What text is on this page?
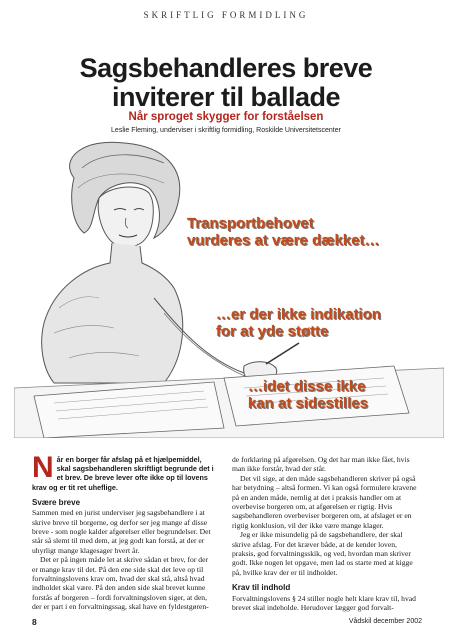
SKRIFTLIG FORMIDLING
Sagsbehandleres breve
inviterer til ballade
Når sproget skygger for forståelsen
Leslie Fleming, underviser i skriftlig formidling, Roskilde Universitetscenter
Transportbehovet
vurderes at være dækket…
…er der ikke indikation
for at yde støtte
…idet disse ikke
kan at sidestilles

Når en borger får afslag på et hjælpemiddel, skal sagsbehandleren skriftligt begrunde det i et brev. De breve lever ofte ikke op til lovens krav og er tit ret uheflige.

Svære breve

Sammen med en jurist underviser jeg sagsbehandlere i at skrive breve til borgerne, og derfor ser jeg mange af disse breve - som nogle kalder afgørelser eller begrundelser. Det står så slemt til med dem, at jeg godt kan forstå, at der er uhyrligt mange klagesager hvert år.

Det er på ingen måde let at skrive sådan et brev, for der er mange krav til det. På den ene side skal det leve op til forvaltningslovens krav om, hvad der skal stå, altså hvad indholdet skal være. På den anden side skal brevet kunne forstås af borgeren – fordi forvaltningsloven siger, at den, der er part i en forvaltningssag, skal have en fyldestgøren-

de forklaring på afgørelsen. Og det har man ikke fået, hvis man ikke forstår, hvad der står.

Det vil sige, at den måde sagsbehandleren skriver på også har betydning – altså formen. Vi kan også formulere kravene på en anden måde, nemlig at det i praksis handler om at overbevise borgeren om, at afgørelsen er rigtig. Hvis sagsbehandleren overbeviser borgeren om, at afslaget er en rigtig konklusion, vil der ikke være mange klager.

Jeg er ikke misundelig på de sagsbehandlere, der skal skrive afslag. For det kræver både, at de kender loven, praksis, god forvaltningsskik, og ved, hvordan man skriver godt. Ikke nogen let opgave, men lad os starte med at kigge på, hvilke krav der er til indholdet.

Krav til indhold

Forvaltningslovens § 24 stiller nogle helt klare krav til, hvad brevet skal indeholde. Herudover lægger god forvalt-

8	Vådskil december 2002
